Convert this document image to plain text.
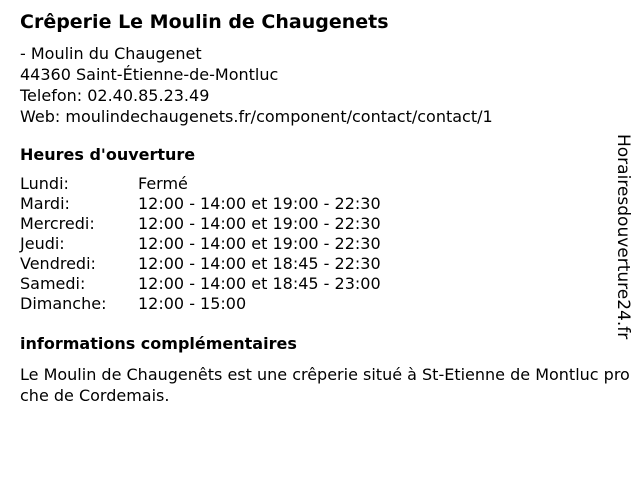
Crêperie Le Moulin de Chaugenets
- Moulin du Chaugenet
44360 Saint-Étienne-de-Montluc
Telefon: 02.40.85.23.49
Web: moulindechaugenets.fr/component/contact/contact/1
Heures d'ouverture
Lundi:	Fermé
Mardi:	12:00 - 14:00 et 19:00 - 22:30
Mercredi:	12:00 - 14:00 et 19:00 - 22:30
Jeudi:	12:00 - 14:00 et 19:00 - 22:30
Vendredi:	12:00 - 14:00 et 18:45 - 22:30
Samedi:	12:00 - 14:00 et 18:45 - 23:00
Dimanche: 12:00 - 15:00
informations complémentaires
Le Moulin de Chaugenêts est une crêperie situé à St-Etienne de Montluc proche de Cordemais.
Horairesdouverture24.fr
